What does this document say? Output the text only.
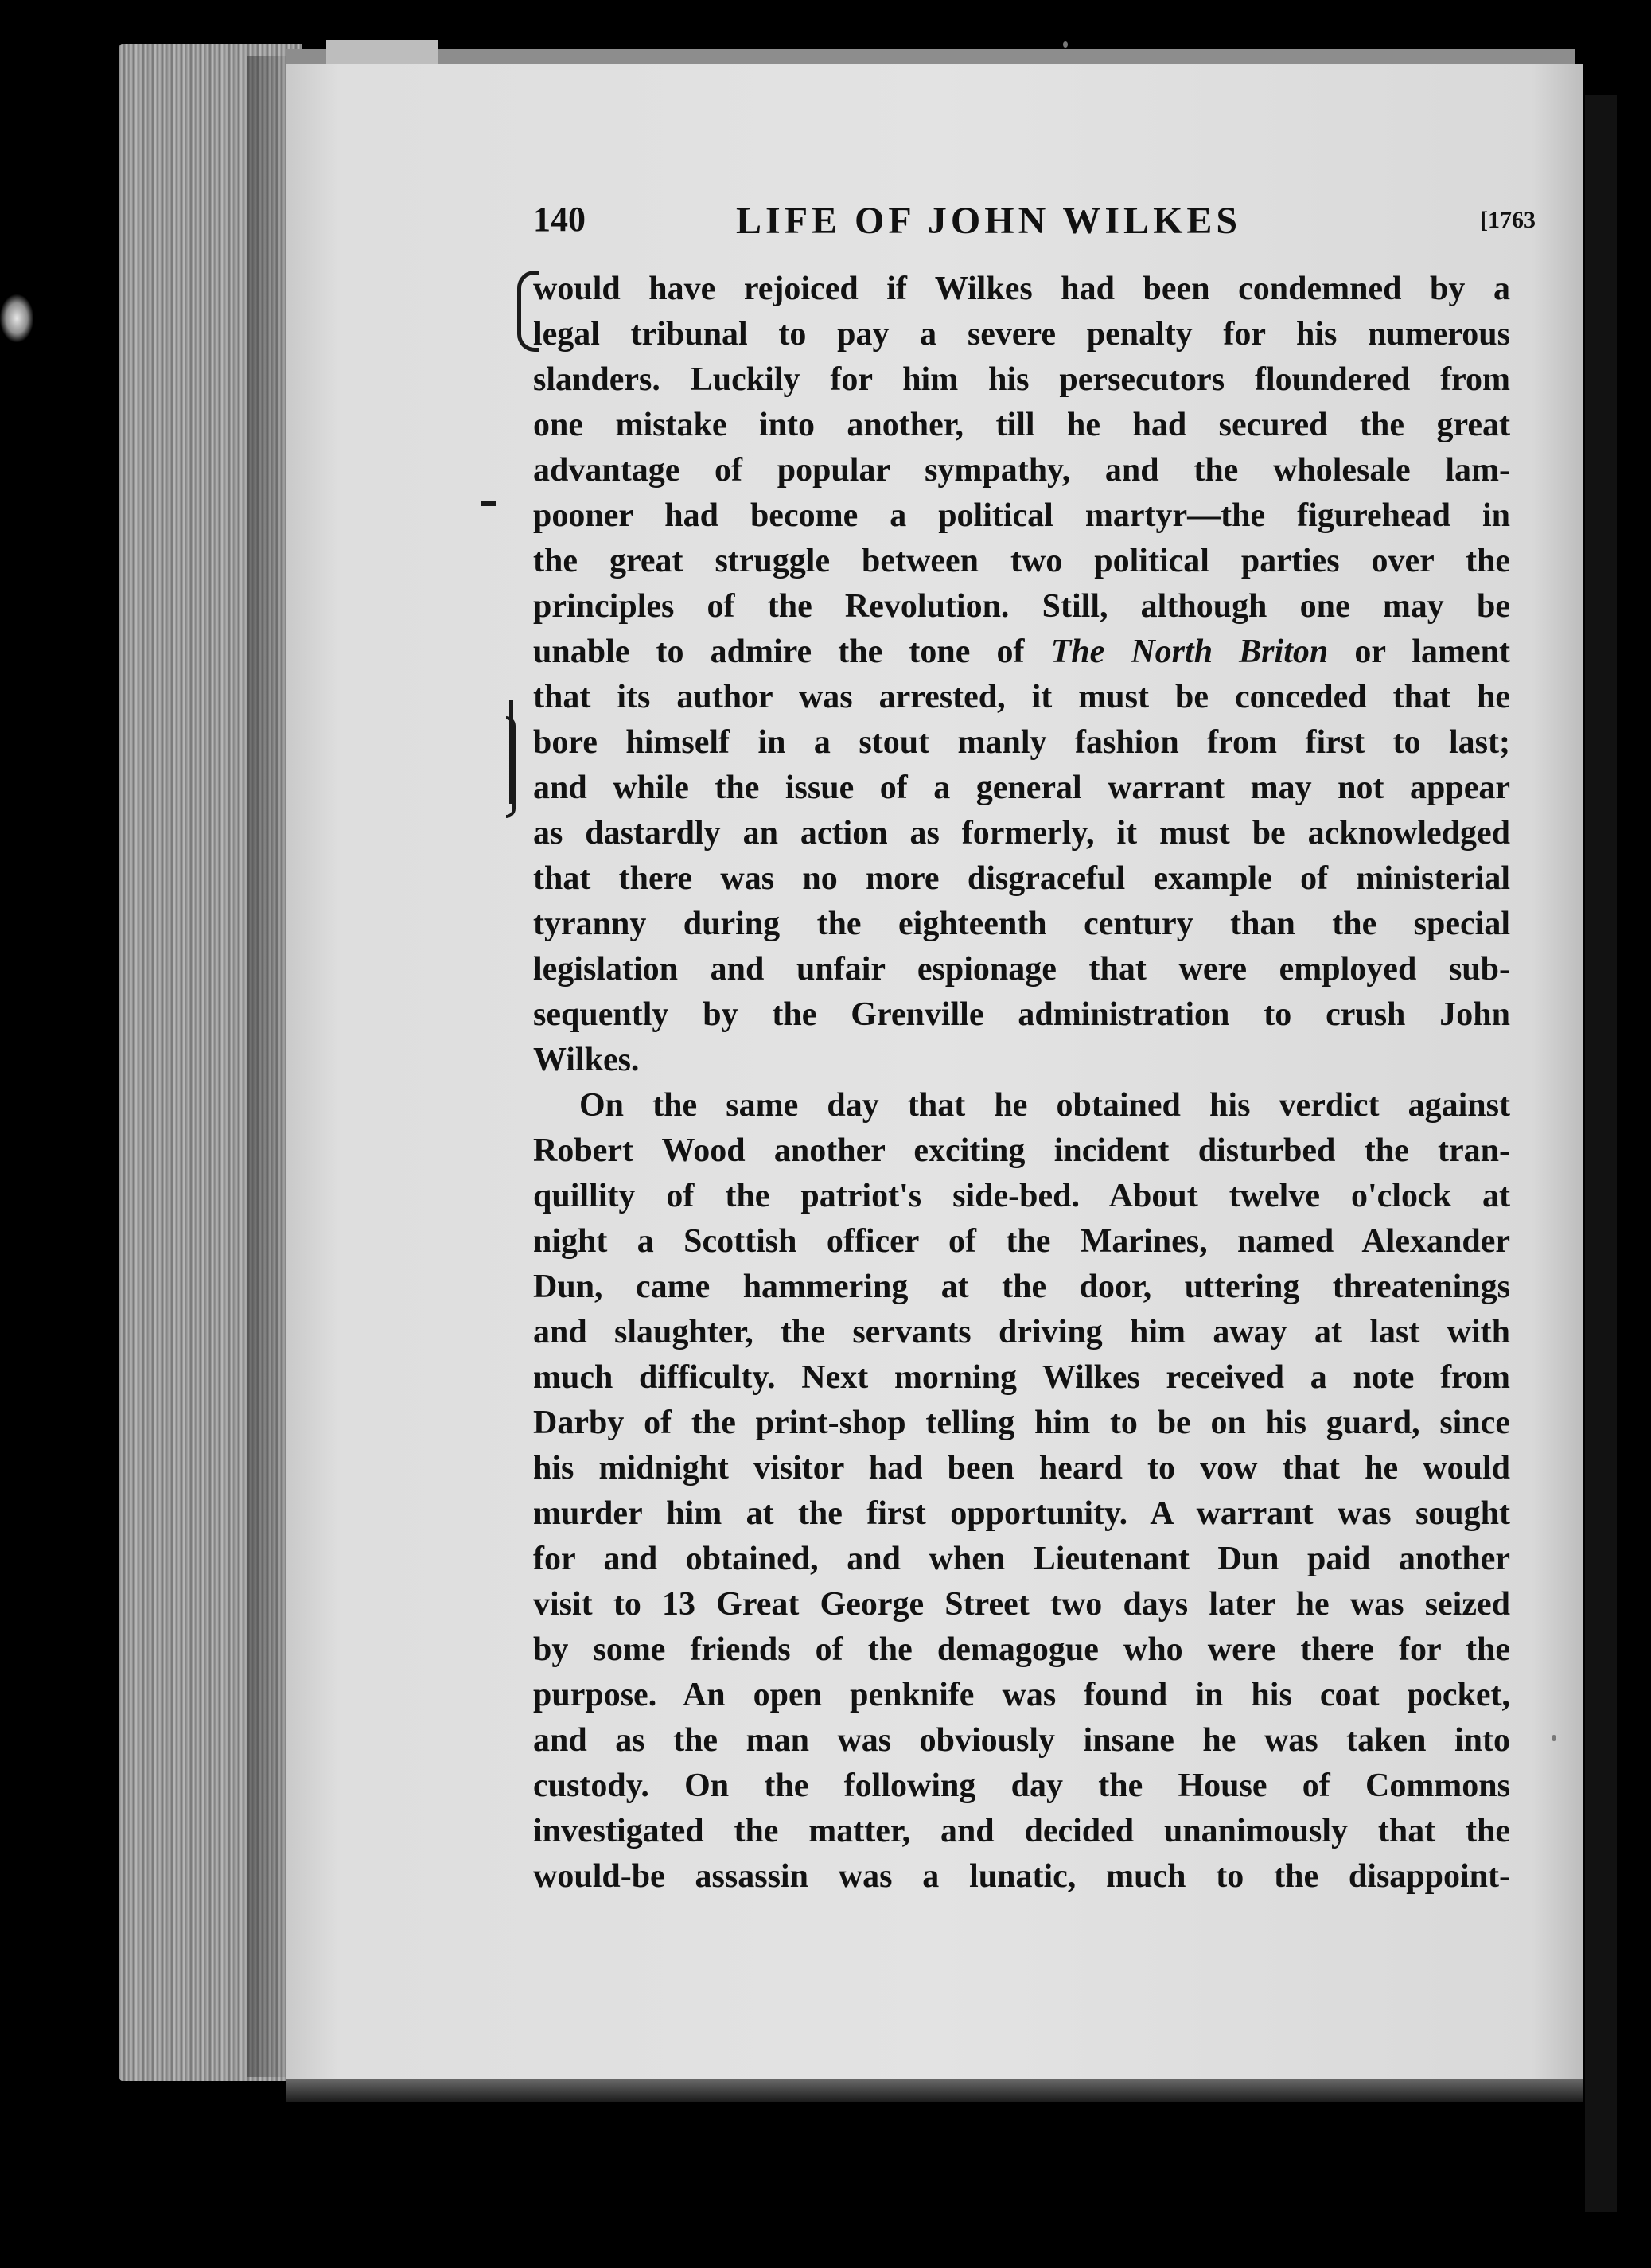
140	LIFE OF JOHN WILKES	[1763
would have rejoiced if Wilkes had been condemned by a
legal tribunal to pay a severe penalty for his numerous
slanders. Luckily for him his persecutors floundered from
one mistake into another, till he had secured the great
advantage of popular sympathy, and the wholesale lam-
pooner had become a political martyr—the figurehead in
the great struggle between two political parties over the
principles of the Revolution. Still, although one may be
unable to admire the tone of The North Briton or lament
that its author was arrested, it must be conceded that he
bore himself in a stout manly fashion from first to last;
and while the issue of a general warrant may not appear
as dastardly an action as formerly, it must be acknowledged
that there was no more disgraceful example of ministerial
tyranny during the eighteenth century than the special
legislation and unfair espionage that were employed sub-
sequently by the Grenville administration to crush John
Wilkes.
On the same day that he obtained his verdict against
Robert Wood another exciting incident disturbed the tran-
quillity of the patriot's side-bed. About twelve o'clock at
night a Scottish officer of the Marines, named Alexander
Dun, came hammering at the door, uttering threatenings
and slaughter, the servants driving him away at last with
much difficulty. Next morning Wilkes received a note from
Darby of the print-shop telling him to be on his guard, since
his midnight visitor had been heard to vow that he would
murder him at the first opportunity. A warrant was sought
for and obtained, and when Lieutenant Dun paid another
visit to 13 Great George Street two days later he was seized
by some friends of the demagogue who were there for the
purpose. An open penknife was found in his coat pocket,
and as the man was obviously insane he was taken into
custody. On the following day the House of Commons
investigated the matter, and decided unanimously that the
would-be assassin was a lunatic, much to the disappoint-
